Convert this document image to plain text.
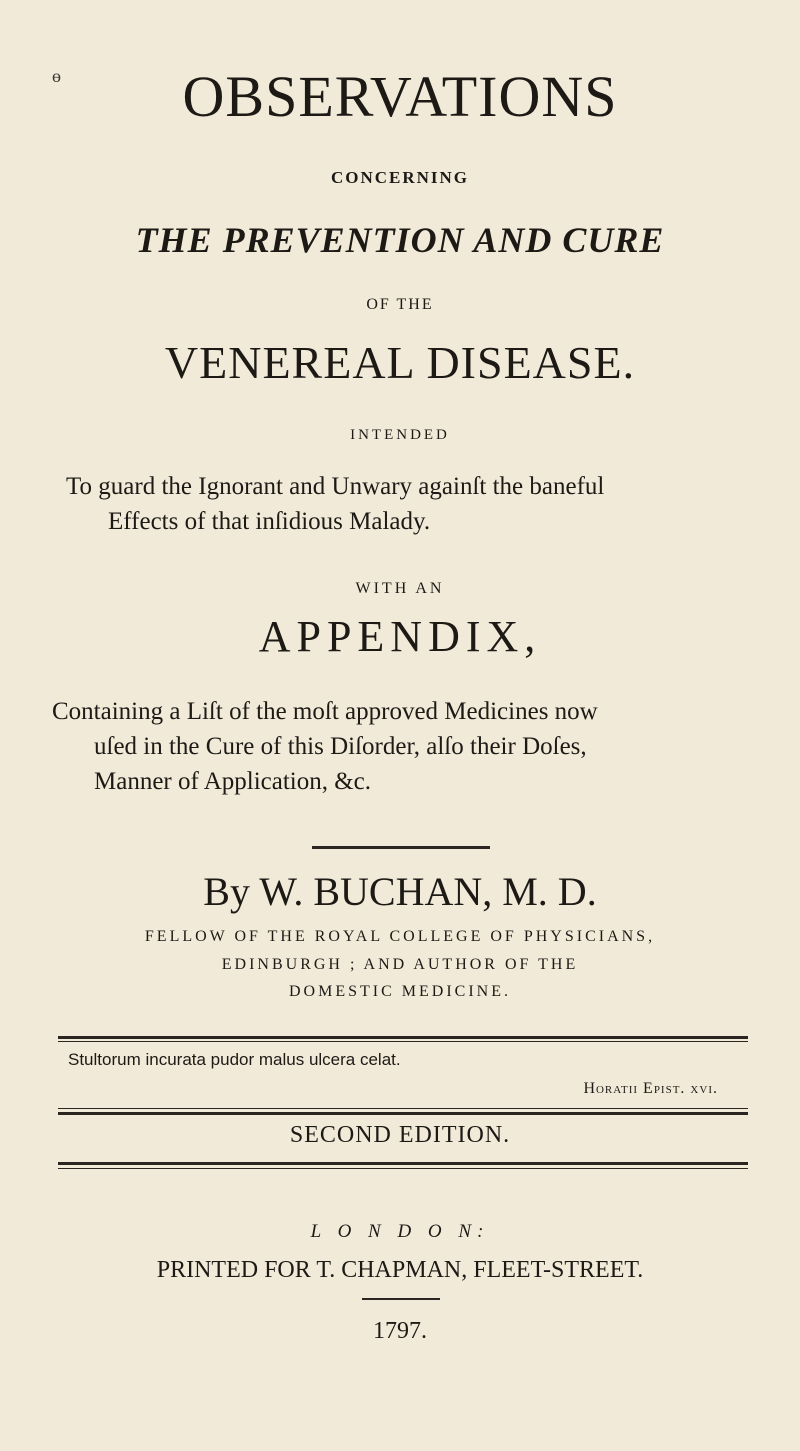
ɵ	OBSERVATIONS
CONCERNING
THE PREVENTION AND CURE
OF THE
VENEREAL DISEASE.
INTENDED
To guard the Ignorant and Unwary againſt the baneful
Effects of that inſidious Malady.
WITH AN
APPENDIX,
Containing a Liſt of the moſt approved Medicines now
uſed in the Cure of this Diſorder, alſo their Doſes,
Manner of Application, &c.
By W. BUCHAN, M. D.
FELLOW OF THE ROYAL COLLEGE OF PHYSICIANS,
EDINBURGH ; AND AUTHOR OF THE
DOMESTIC MEDICINE.
Stultorum incurata pudor malus ulcera celat.
Horatii Epist. xvi.
SECOND EDITION.
L O N D O N:
PRINTED FOR T. CHAPMAN, FLEET-STREET.
1797.
